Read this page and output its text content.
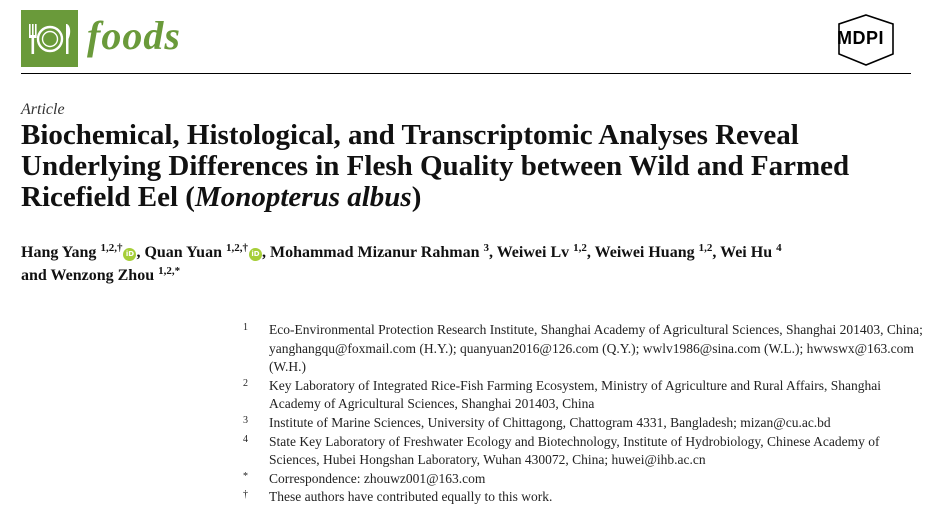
foods	MDPI
Article
Biochemical, Histological, and Transcriptomic Analyses Reveal Underlying Differences in Flesh Quality between Wild and Farmed Ricefield Eel (Monopterus albus)
Hang Yang $^{1,2,\dagger}$ iD , Quan Yuan $^{1,2,\dagger}$ iD , Mohammad Mizanur Rahman $^3$, Weiwei Lv $^{1,2}$, Weiwei Huang $^{1,2}$, Wei Hu $^4$
and Wenzong Zhou $^{1,2,*}$
1	Eco-Environmental Protection Research Institute, Shanghai Academy of Agricultural Sciences, Shanghai 201403, China; yanghangqu@foxmail.com (H.Y.); quanyuan2016@126.com (Q.Y.); wwlv1986@sina.com (W.L.); hwwswx@163.com (W.H.)
2	Key Laboratory of Integrated Rice-Fish Farming Ecosystem, Ministry of Agriculture and Rural Affairs, Shanghai Academy of Agricultural Sciences, Shanghai 201403, China
3	Institute of Marine Sciences, University of Chittagong, Chattogram 4331, Bangladesh; mizan@cu.ac.bd
4	State Key Laboratory of Freshwater Ecology and Biotechnology, Institute of Hydrobiology, Chinese Academy of Sciences, Hubei Hongshan Laboratory, Wuhan 430072, China; huwei@ihb.ac.cn
*	Correspondence: zhouwz001@163.com
†	These authors have contributed equally to this work.
